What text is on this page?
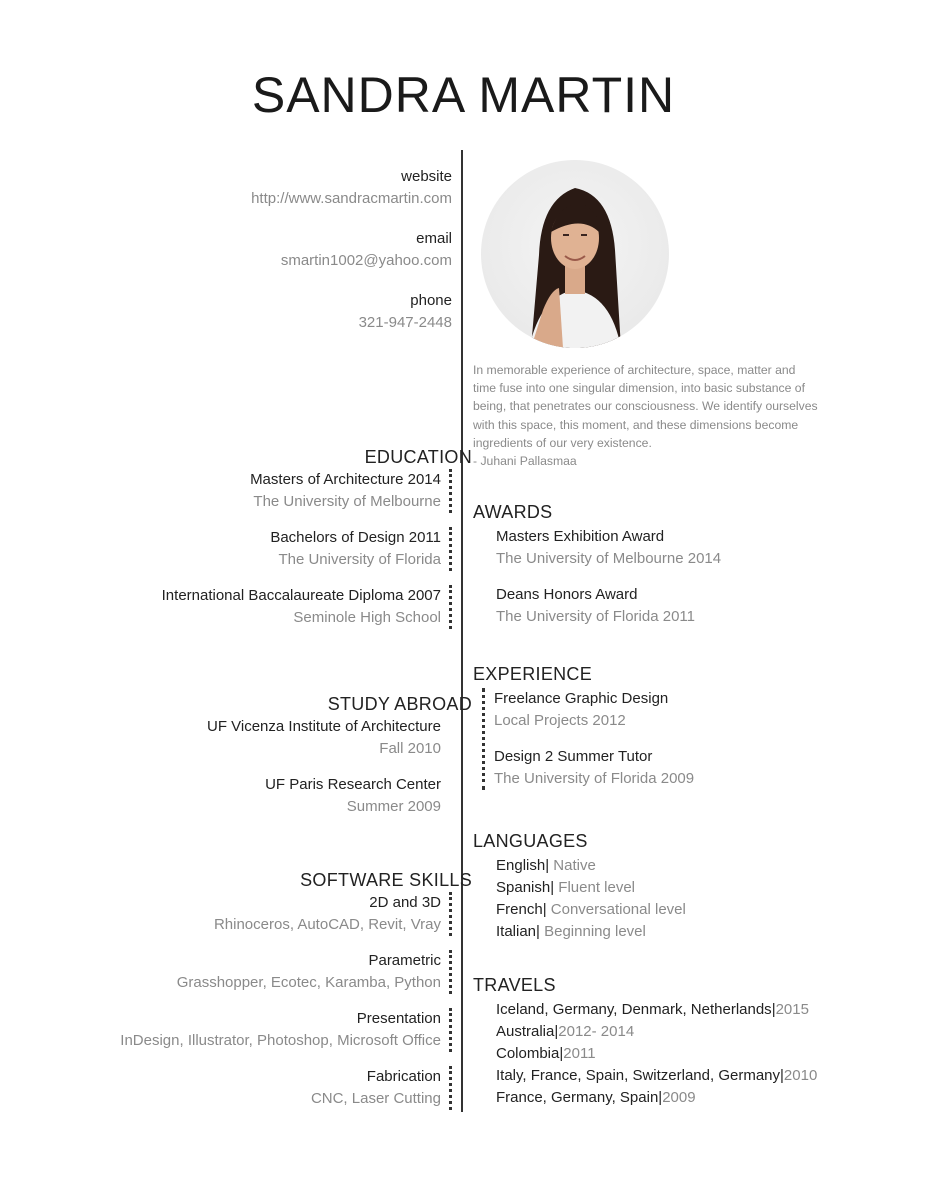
SANDRA MARTIN
website
http://www.sandracmartin.com
email
smartin1002@yahoo.com
phone
321-947-2448
In memorable experience of architecture, space, matter and time fuse into one singular dimension, into basic substance of being, that penetrates our consciousness. We identify ourselves with this space, this moment, and these dimensions become ingredients of our very existence.
- Juhani Pallasmaa
EDUCATION
Masters of Architecture 2014
The University of Melbourne
Bachelors of Design 2011
The University of Florida
International Baccalaureate Diploma 2007
Seminole High School
STUDY ABROAD
UF Vicenza Institute of Architecture
Fall 2010
UF Paris Research Center
Summer 2009
SOFTWARE SKILLS
2D and 3D
Rhinoceros, AutoCAD, Revit, Vray
Parametric
Grasshopper, Ecotec, Karamba, Python
Presentation
InDesign, Illustrator, Photoshop, Microsoft Office
Fabrication
CNC, Laser Cutting
AWARDS
Masters Exhibition Award
The University of Melbourne 2014
Deans Honors Award
The University of Florida 2011
EXPERIENCE
Freelance Graphic Design
Local Projects 2012
Design 2 Summer Tutor
The University of Florida 2009
LANGUAGES
English| Native
Spanish| Fluent level
French| Conversational level
Italian| Beginning level
TRAVELS
Iceland, Germany, Denmark, Netherlands|2015
Australia|2012- 2014
Colombia|2011
Italy, France, Spain, Switzerland, Germany|2010
France, Germany, Spain|2009
